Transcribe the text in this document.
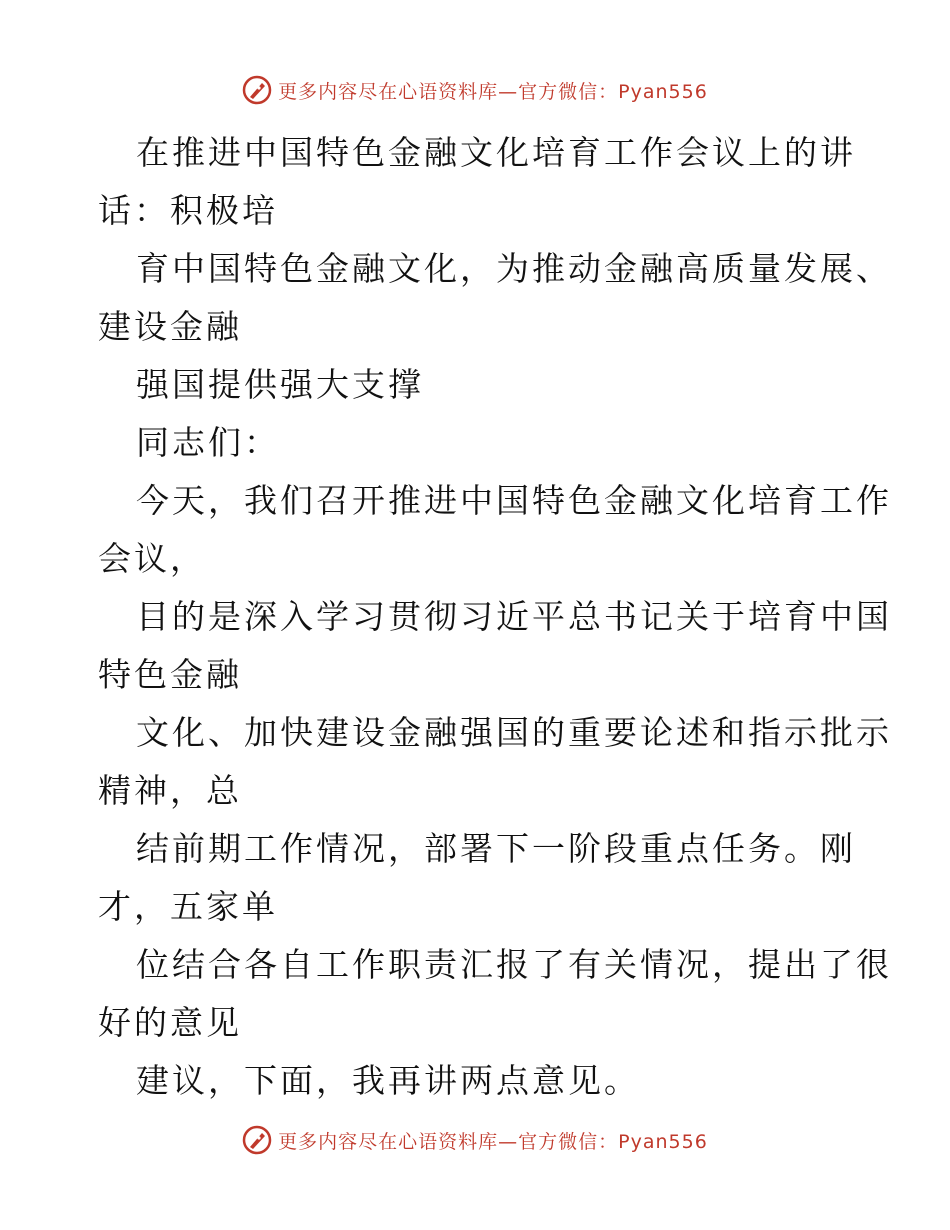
更多内容尽在心语资料库—官方微信：Pyan556
在推进中国特色金融文化培育工作会议上的讲
话：积极培
育中国特色金融文化，为推动金融高质量发展、
建设金融
强国提供强大支撑
同志们：
今天，我们召开推进中国特色金融文化培育工作
会议，
目的是深入学习贯彻习近平总书记关于培育中国
特色金融
文化、加快建设金融强国的重要论述和指示批示
精神，总
结前期工作情况，部署下一阶段重点任务。刚
才，五家单
位结合各自工作职责汇报了有关情况，提出了很
好的意见
建议，下面，我再讲两点意见。
更多内容尽在心语资料库—官方微信：Pyan556
